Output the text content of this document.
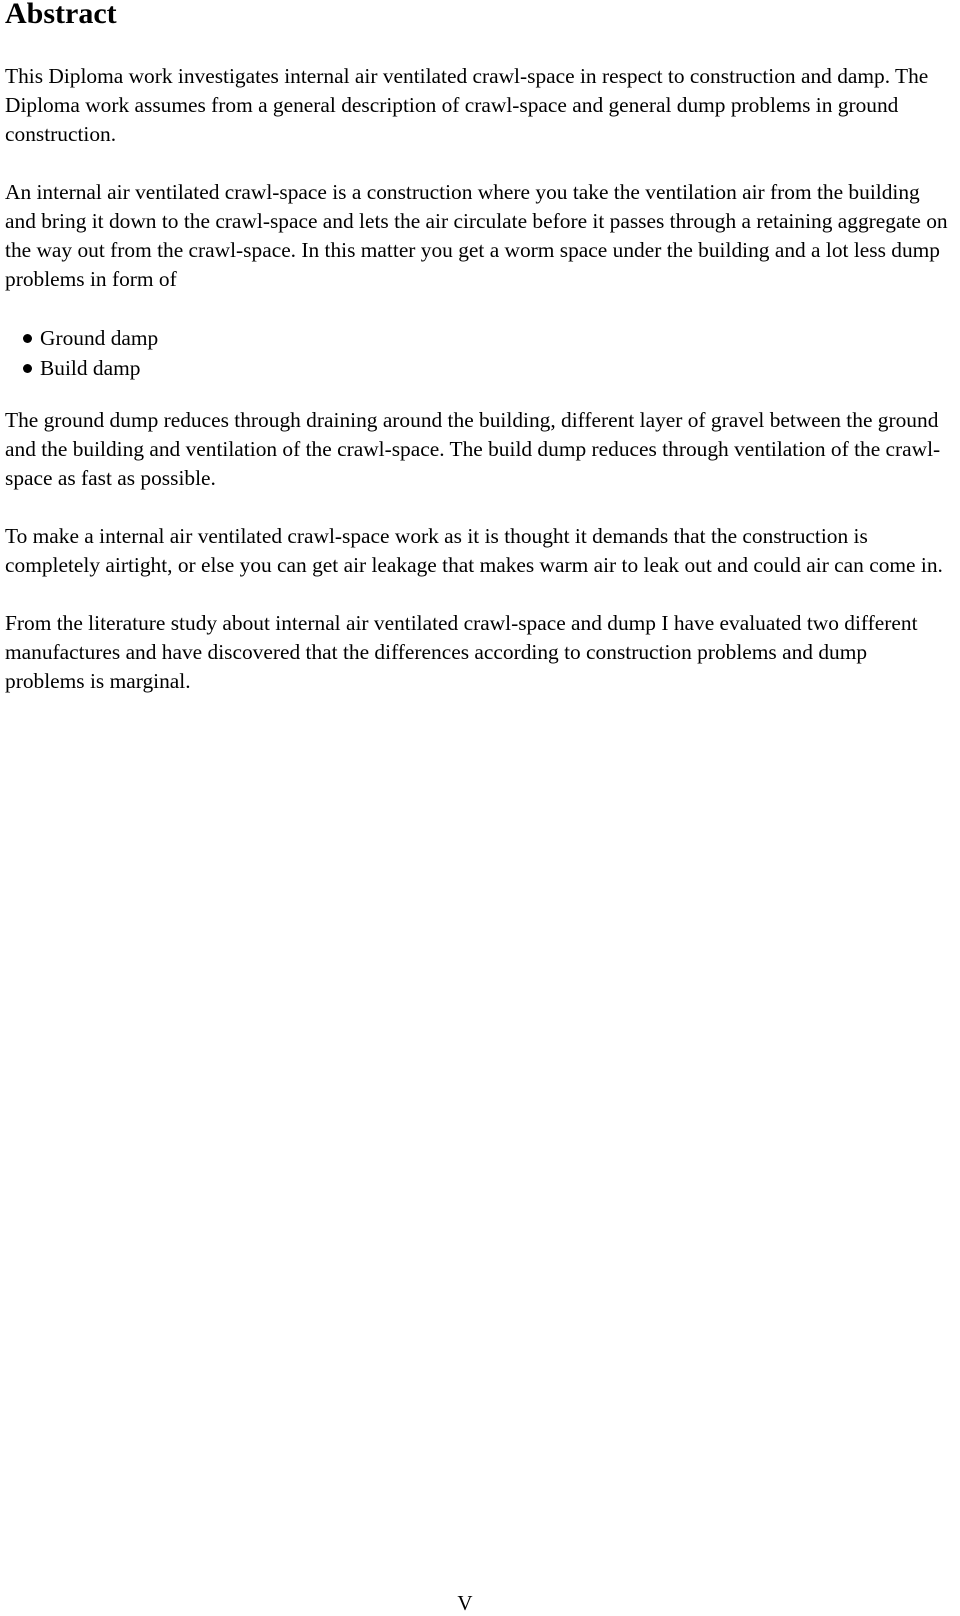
Abstract

This Diploma work investigates internal air ventilated crawl-space in respect to construction and damp. The Diploma work assumes from a general description of crawl-space and general dump problems in ground construction.

An internal air ventilated crawl-space is a construction where you take the ventilation air from the building and bring it down to the crawl-space and lets the air circulate before it passes through a retaining aggregate on the way out from the crawl-space. In this matter you get a worm space under the building and a lot less dump problems in form of

Ground damp
Build damp

The ground dump reduces through draining around the building, different layer of gravel between the ground and the building and ventilation of the crawl-space. The build dump reduces through ventilation of the crawl-space as fast as possible.

To make a internal air ventilated crawl-space work as it is thought it demands that the construction is completely airtight, or else you can get air leakage that makes warm air to leak out and could air can come in.

From the literature study about internal air ventilated crawl-space and dump I have evaluated two different manufactures and have discovered that the differences according to construction problems and dump problems is marginal.

V
